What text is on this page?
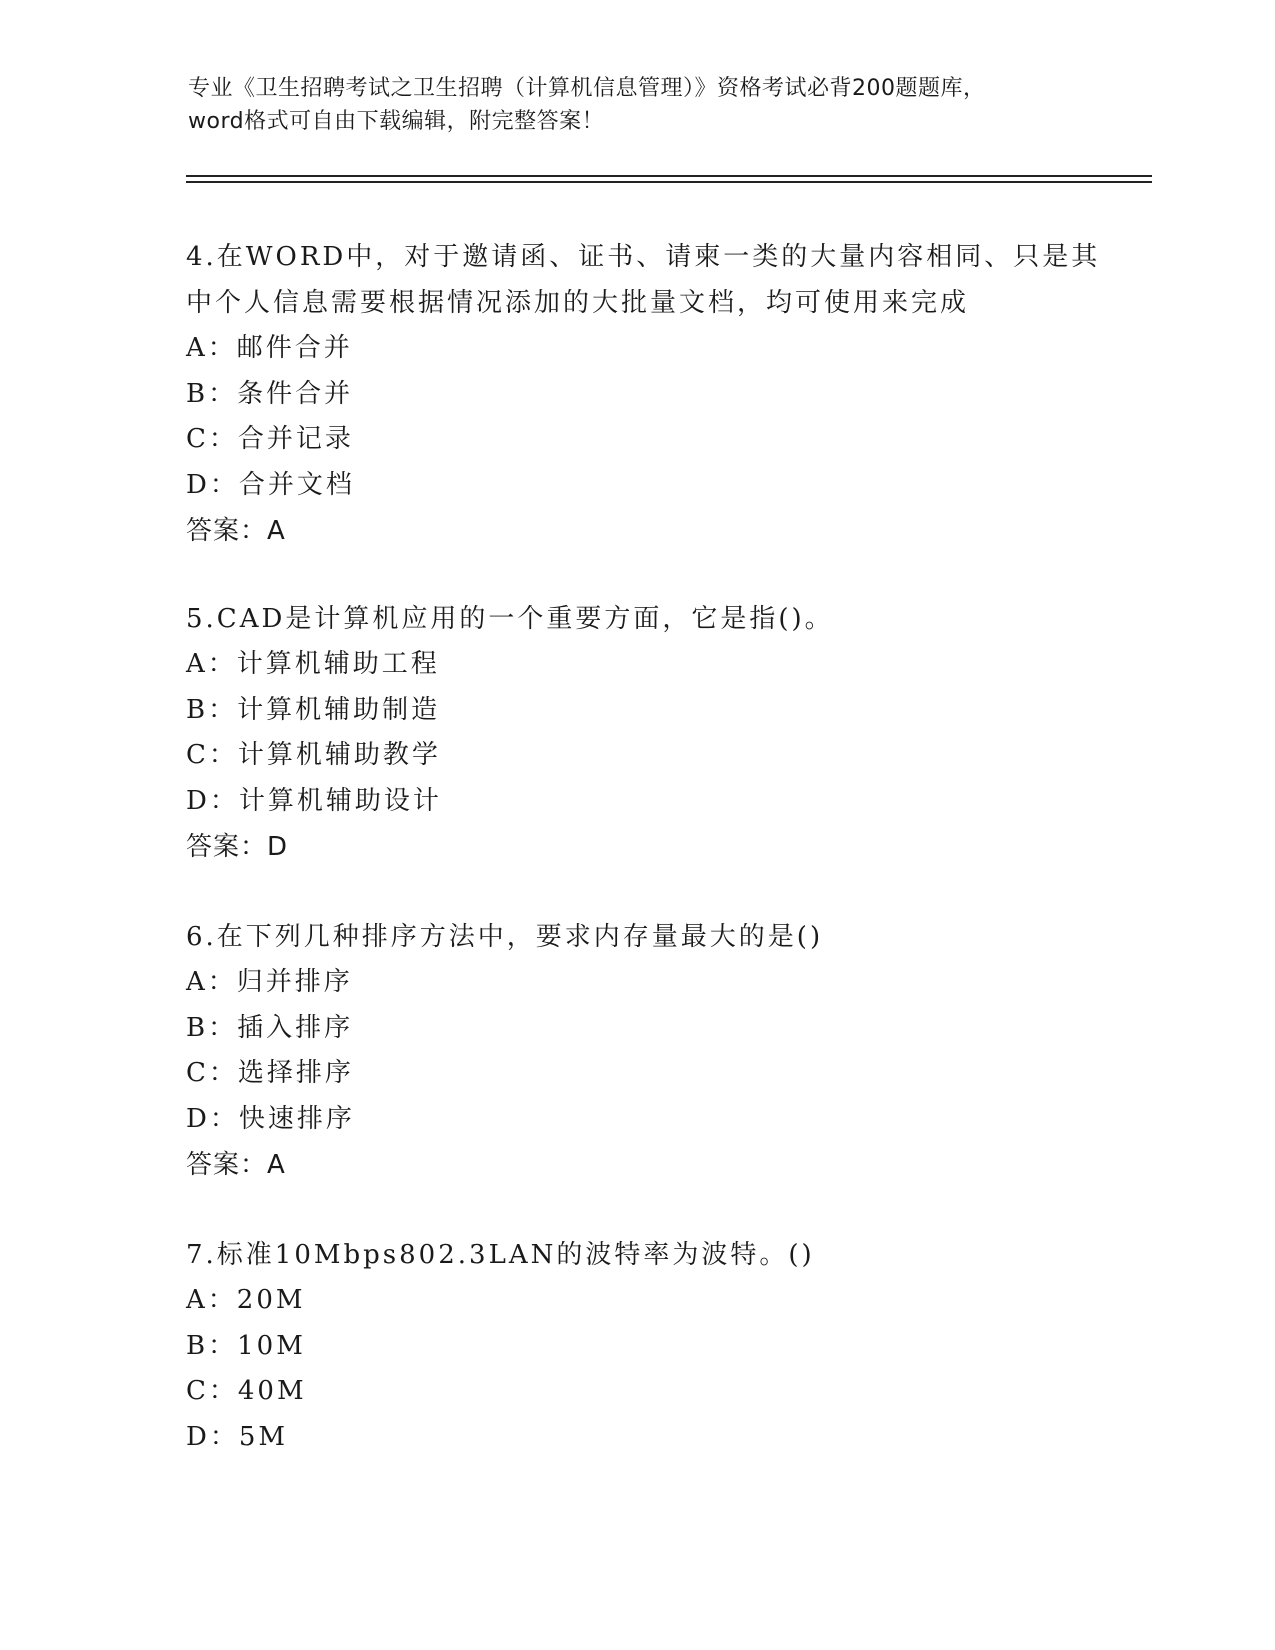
专业《卫生招聘考试之卫生招聘（计算机信息管理）》资格考试必背200题题库，
word格式可自由下载编辑，附完整答案！

4.在WORD中，对于邀请函、证书、请柬一类的大量内容相同、只是其

中个人信息需要根据情况添加的大批量文档，均可使用来完成

A：邮件合并

B：条件合并

C：合并记录

D：合并文档

答案：A

5.CAD是计算机应用的一个重要方面，它是指()。

A：计算机辅助工程

B：计算机辅助制造

C：计算机辅助教学

D：计算机辅助设计

答案：D

6.在下列几种排序方法中，要求内存量最大的是()

A：归并排序

B：插入排序

C：选择排序

D：快速排序

答案：A

7.标准10Mbps802.3LAN的波特率为波特。()

A：20M

B：10M

C：40M

D：5M
